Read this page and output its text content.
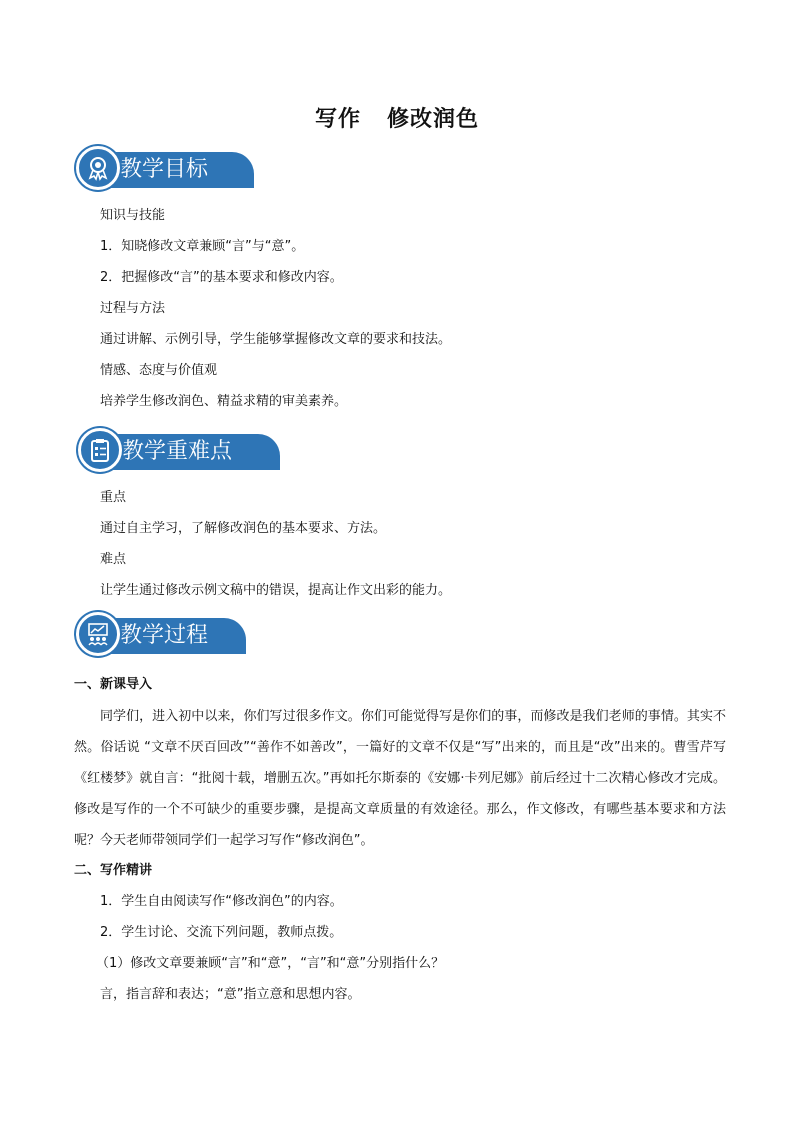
写作 修改润色
教学目标
知识与技能
1．知晓修改文章兼顾“言”与“意”。
2．把握修改“言”的基本要求和修改内容。
过程与方法
通过讲解、示例引导，学生能够掌握修改文章的要求和技法。
情感、态度与价值观
培养学生修改润色、精益求精的审美素养。
教学重难点
重点
通过自主学习，了解修改润色的基本要求、方法。
难点
让学生通过修改示例文稿中的错误，提高让作文出彩的能力。
教学过程
一、新课导入
同学们，进入初中以来，你们写过很多作文。你们可能觉得写是你们的事，而修改是我们老师的事情。其实不然。俗话说 “文章不厌百回改”“善作不如善改”，一篇好的文章不仅是“写”出来的，而且是“改”出来的。曹雪芹写《红楼梦》就自言：“批阅十载，增删五次。”再如托尔斯泰的《安娜·卡列尼娜》前后经过十二次精心修改才完成。修改是写作的一个不可缺少的重要步骤，是提高文章质量的有效途径。那么，作文修改，有哪些基本要求和方法呢？今天老师带领同学们一起学习写作“修改润色”。
二、写作精讲
1．学生自由阅读写作“修改润色”的内容。
2．学生讨论、交流下列问题，教师点拨。
（1）修改文章要兼顾“言”和“意”，“言”和“意”分别指什么？
言，指言辞和表达；“意”指立意和思想内容。
